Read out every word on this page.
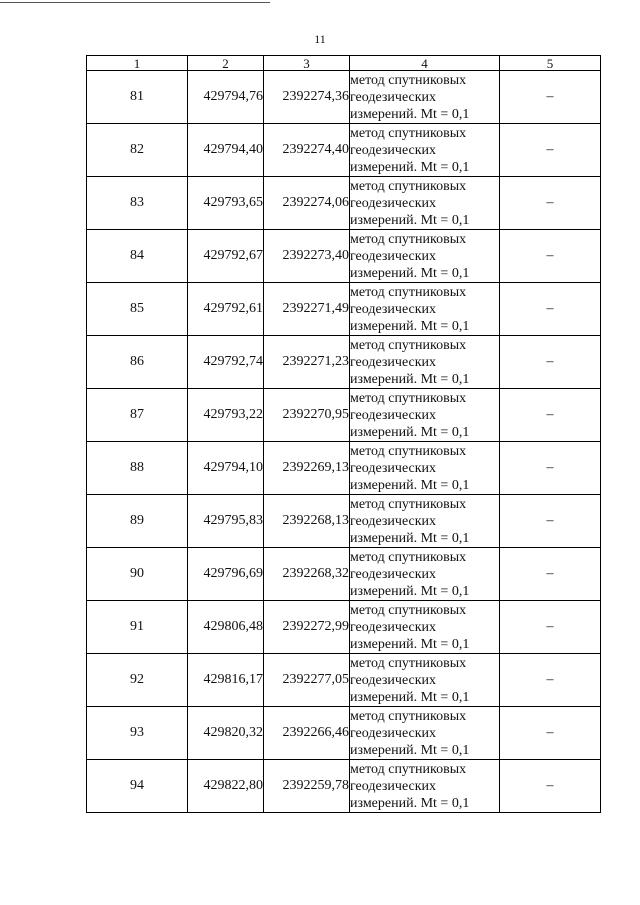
11
1	2	3	4	5
81	429794,76	2392274,36	метод спутниковых
геодезических
измерений. Mt = 0,1	–
82	429794,40	2392274,40	метод спутниковых
геодезических
измерений. Mt = 0,1	–
83	429793,65	2392274,06	метод спутниковых
геодезических
измерений. Mt = 0,1	–
84	429792,67	2392273,40	метод спутниковых
геодезических
измерений. Mt = 0,1	–
85	429792,61	2392271,49	метод спутниковых
геодезических
измерений. Mt = 0,1	–
86	429792,74	2392271,23	метод спутниковых
геодезических
измерений. Mt = 0,1	–
87	429793,22	2392270,95	метод спутниковых
геодезических
измерений. Mt = 0,1	–
88	429794,10	2392269,13	метод спутниковых
геодезических
измерений. Mt = 0,1	–
89	429795,83	2392268,13	метод спутниковых
геодезических
измерений. Mt = 0,1	–
90	429796,69	2392268,32	метод спутниковых
геодезических
измерений. Mt = 0,1	–
91	429806,48	2392272,99	метод спутниковых
геодезических
измерений. Mt = 0,1	–
92	429816,17	2392277,05	метод спутниковых
геодезических
измерений. Mt = 0,1	–
93	429820,32	2392266,46	метод спутниковых
геодезических
измерений. Mt = 0,1	–
94	429822,80	2392259,78	метод спутниковых
геодезических
измерений. Mt = 0,1	–
